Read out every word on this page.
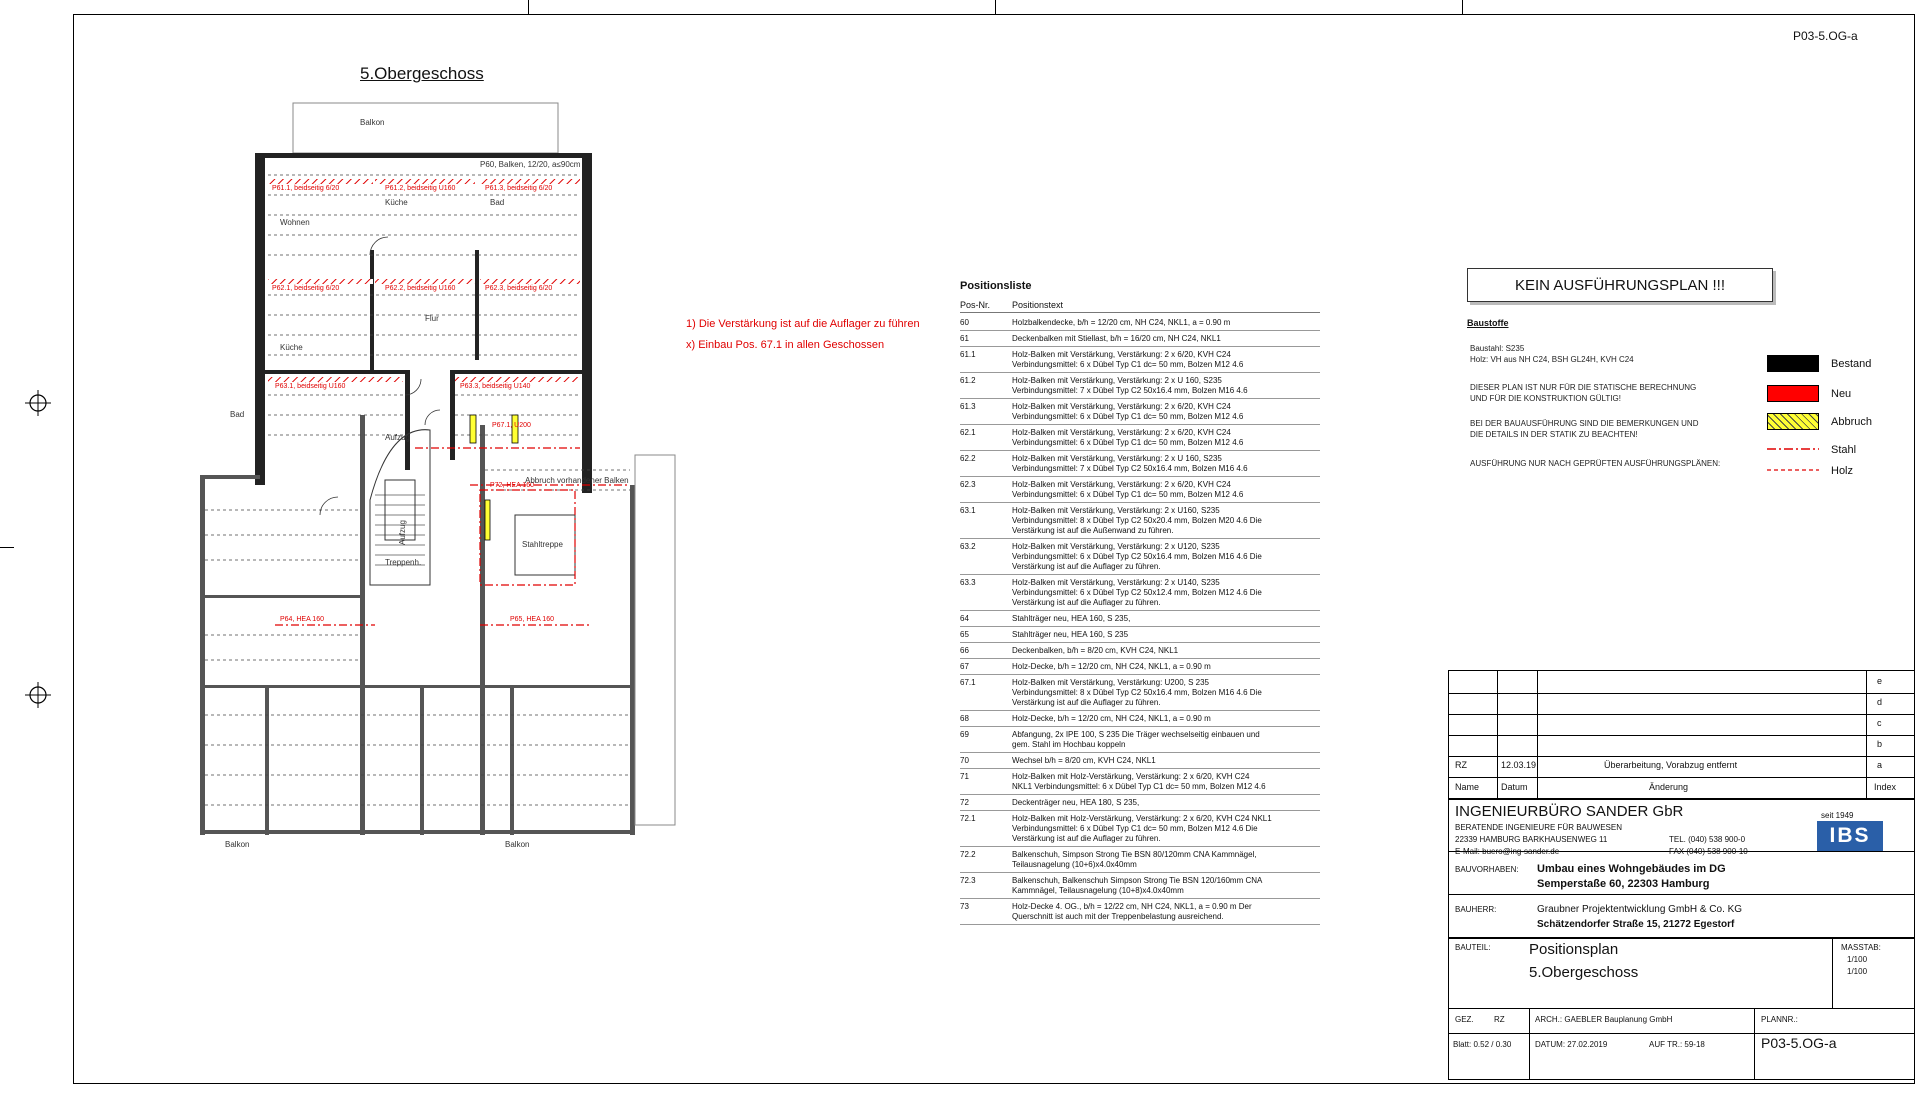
P03-5.OG-a
5.Obergeschoss
P61.1, beidseitig 6/20	P61.2, beidseitig U160	P61.3, beidseitig 6/20
P62.1, beidseitig 6/20	P62.2, beidseitig U160	P62.3, beidseitig 6/20
P63.1, beidseitig U160	P63.3, beidseitig U140
P67.1, U200
P72, HEA 160
P64, HEA 160	P65, HEA 160
Balkon
P60, Balken, 12/20, a≤90cm
Wohnen
Küche	Bad
Küche
Bad
Flur
Abbruch vorhandener Balken
Stahltreppe
Aufzug
Treppenh.
Balkon	Balkon
Aufzug
1) Die Verstärkung ist auf die Auflager zu führen
x) Einbau Pos. 67.1 in allen Geschossen
Positionsliste
Pos-Nr.	Positionstext
60	Holzbalkendecke, b/h = 12/20 cm, NH C24, NKL1, a = 0.90 m
61	Deckenbalken mit Stiellast, b/h = 16/20 cm, NH C24, NKL1
61.1	Holz-Balken mit Verstärkung, Verstärkung: 2 x 6/20, KVH C24
Verbindungsmittel: 6 x Dübel Typ C1 dc= 50 mm, Bolzen M12 4.6
61.2	Holz-Balken mit Verstärkung, Verstärkung: 2 x U 160, S235
Verbindungsmittel: 7 x Dübel Typ C2 50x16.4 mm, Bolzen M16 4.6
61.3	Holz-Balken mit Verstärkung, Verstärkung: 2 x 6/20, KVH C24
Verbindungsmittel: 6 x Dübel Typ C1 dc= 50 mm, Bolzen M12 4.6
62.1	Holz-Balken mit Verstärkung, Verstärkung: 2 x 6/20, KVH C24
Verbindungsmittel: 6 x Dübel Typ C1 dc= 50 mm, Bolzen M12 4.6
62.2	Holz-Balken mit Verstärkung, Verstärkung: 2 x U 160, S235
Verbindungsmittel: 7 x Dübel Typ C2 50x16.4 mm, Bolzen M16 4.6
62.3	Holz-Balken mit Verstärkung, Verstärkung: 2 x 6/20, KVH C24
Verbindungsmittel: 6 x Dübel Typ C1 dc= 50 mm, Bolzen M12 4.6
63.1	Holz-Balken mit Verstärkung, Verstärkung: 2 x U160, S235
Verbindungsmittel: 8 x Dübel Typ C2 50x20.4 mm, Bolzen M20 4.6 Die
Verstärkung ist auf die Außenwand zu führen.
63.2	Holz-Balken mit Verstärkung, Verstärkung: 2 x U120, S235
Verbindungsmittel: 6 x Dübel Typ C2 50x16.4 mm, Bolzen M16 4.6 Die
Verstärkung ist auf die Auflager zu führen.
63.3	Holz-Balken mit Verstärkung, Verstärkung: 2 x U140, S235
Verbindungsmittel: 6 x Dübel Typ C2 50x12.4 mm, Bolzen M12 4.6 Die
Verstärkung ist auf die Auflager zu führen.
64	Stahlträger neu, HEA 160, S 235,
65	Stahlträger neu, HEA 160, S 235
66	Deckenbalken, b/h = 8/20 cm, KVH C24, NKL1
67	Holz-Decke, b/h = 12/20 cm, NH C24, NKL1, a = 0.90 m
67.1	Holz-Balken mit Verstärkung, Verstärkung: U200, S 235
Verbindungsmittel: 8 x Dübel Typ C2 50x16.4 mm, Bolzen M16 4.6 Die
Verstärkung ist auf die Auflager zu führen.
68	Holz-Decke, b/h = 12/20 cm, NH C24, NKL1, a = 0.90 m
69	Abfangung, 2x IPE 100, S 235 Die Träger wechselseitig einbauen und
gem. Stahl im Hochbau koppeln
70	Wechsel b/h = 8/20 cm, KVH C24, NKL1
71	Holz-Balken mit Holz-Verstärkung, Verstärkung: 2 x 6/20, KVH C24
NKL1 Verbindungsmittel: 6 x Dübel Typ C1 dc= 50 mm, Bolzen M12 4.6
72	Deckenträger neu, HEA 180, S 235,
72.1	Holz-Balken mit Holz-Verstärkung, Verstärkung: 2 x 6/20, KVH C24 NKL1
Verbindungsmittel: 6 x Dübel Typ C1 dc= 50 mm, Bolzen M12 4.6 Die
Verstärkung ist auf die Auflager zu führen.
72.2	Balkenschuh, Simpson Strong Tie BSN 80/120mm CNA Kammnägel,
Teilausnagelung (10+6)x4.0x40mm
72.3	Balkenschuh, Balkenschuh Simpson Strong Tie BSN 120/160mm CNA
Kammnägel, Teilausnagelung (10+8)x4.0x40mm
73	Holz-Decke 4. OG., b/h = 12/22 cm, NH C24, NKL1, a = 0.90 m Der
Querschnitt ist auch mit der Treppenbelastung ausreichend.
KEIN AUSFÜHRUNGSPLAN !!!
Baustoffe
Baustahl: S235
Holz: VH aus NH C24, BSH GL24H, KVH C24
DIESER PLAN IST NUR FÜR DIE STATISCHE BERECHNUNG
UND FÜR DIE KONSTRUKTION GÜLTIG!
BEI DER BAUAUSFÜHRUNG SIND DIE BEMERKUNGEN UND
DIE DETAILS IN DER STATIK ZU BEACHTEN!
AUSFÜHRUNG NUR NACH GEPRÜFTEN AUSFÜHRUNGSPLÄNEN:
Bestand
Neu
Abbruch
Stahl
Holz
e
d
c
b
a
RZ	12.03.19	Überarbeitung, Vorabzug entfernt
Name Datum	Änderung	Index
INGENIEURBÜRO SANDER GbR
BERATENDE INGENIEURE FÜR BAUWESEN
22339 HAMBURG BARKHAUSENWEG 11	TEL. (040) 538 900-0
E-Mail: buero@ing-sander.de	FAX (040) 538 900-10
seit 1949
IBS
BAUVORHABEN: Umbau eines Wohngebäudes im DG
Semperstaße 60, 22303 Hamburg
BAUHERR:	Graubner Projektentwicklung GmbH & Co. KG
Schätzendorfer Straße 15, 21272 Egestorf
BAUTEIL:	Positionsplan
5.Obergeschoss
MASSTAB:
1/100
1/100
GEZ.	RZ	ARCH.: GAEBLER Bauplanung GmbH	PLANNR.:
Blatt: 0.52 / 0.30	DATUM: 27.02.2019	AUF TR.: 59-18	P03-5.OG-a
